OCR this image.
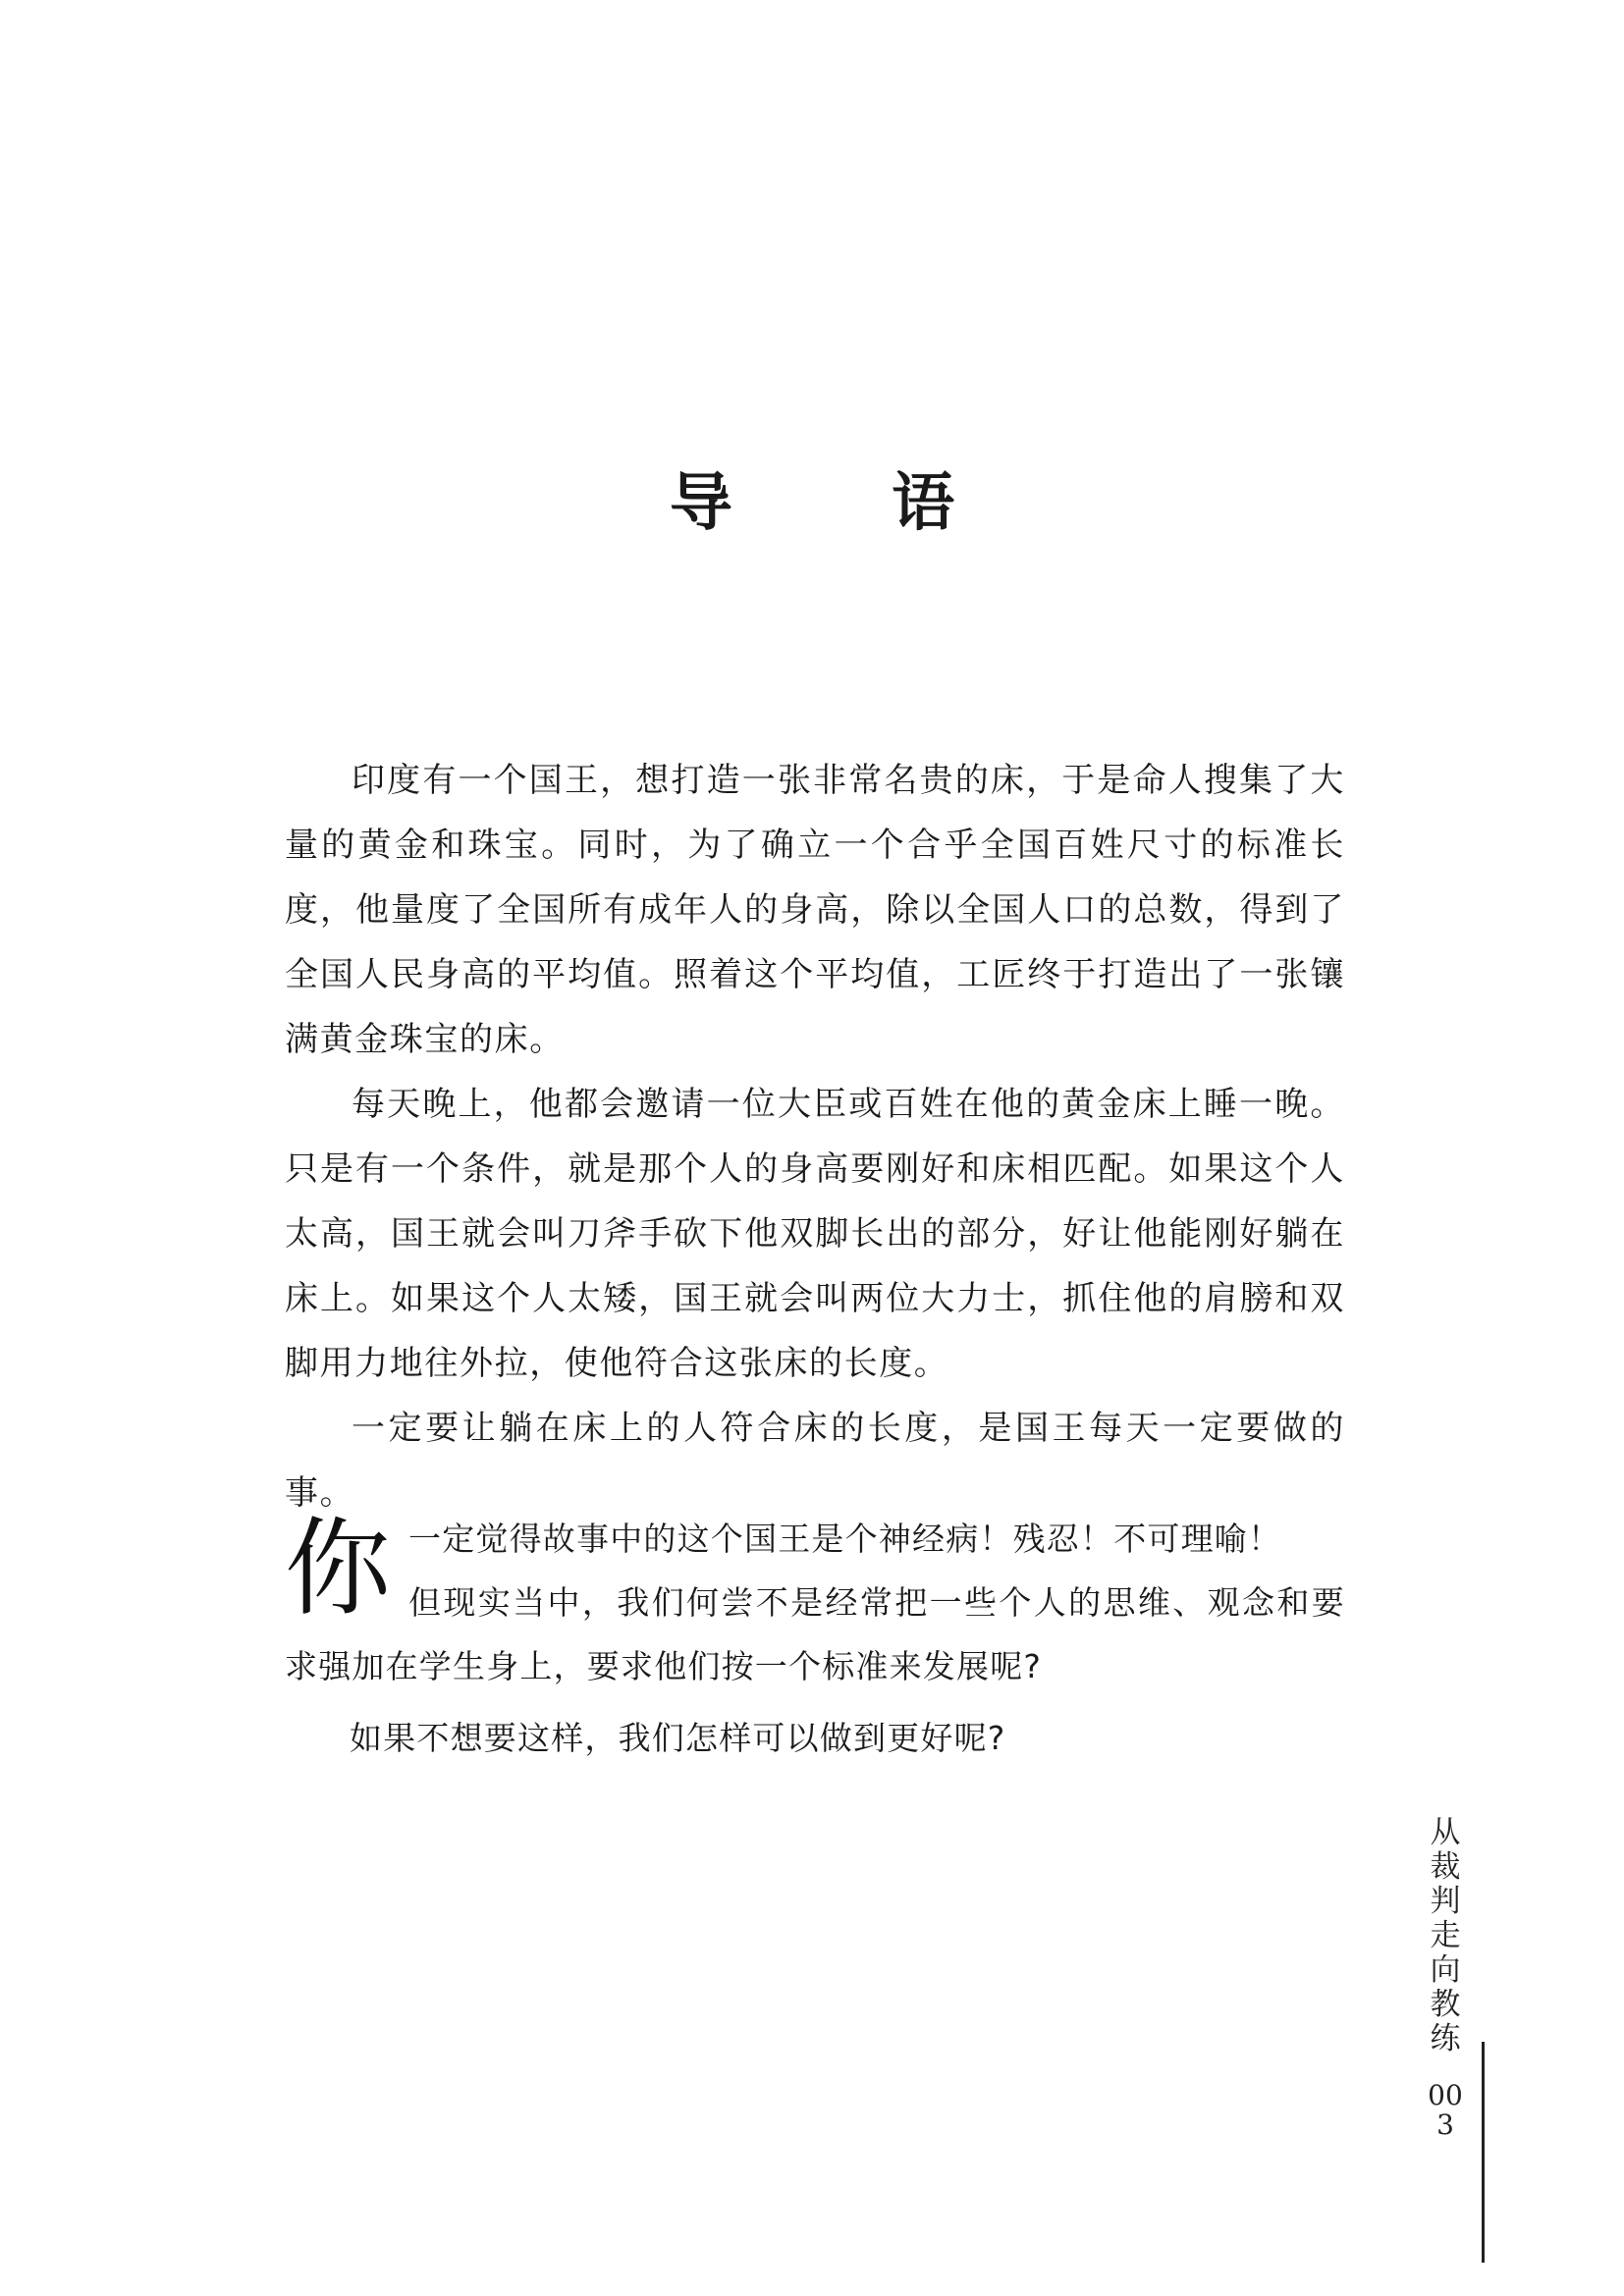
导 语

印度有一个国王，想打造一张非常名贵的床，于是命人搜集了大量的黄金和珠宝。同时，为了确立一个合乎全国百姓尺寸的标准长度，他量度了全国所有成年人的身高，除以全国人口的总数，得到了全国人民身高的平均值。照着这个平均值，工匠终于打造出了一张镶满黄金珠宝的床。

每天晚上，他都会邀请一位大臣或百姓在他的黄金床上睡一晚。只是有一个条件，就是那个人的身高要刚好和床相匹配。如果这个人太高，国王就会叫刀斧手砍下他双脚长出的部分，好让他能刚好躺在床上。如果这个人太矮，国王就会叫两位大力士，抓住他的肩膀和双脚用力地往外拉，使他符合这张床的长度。

一定要让躺在床上的人符合床的长度，是国王每天一定要做的事。

你 一定觉得故事中的这个国王是个神经病！残忍！不可理喻！
但现实当中，我们何尝不是经常把一些个人的思维、观念和要求强加在学生身上，要求他们按一个标准来发展呢?

如果不想要这样，我们怎样可以做到更好呢?

从裁判走向教练
003
